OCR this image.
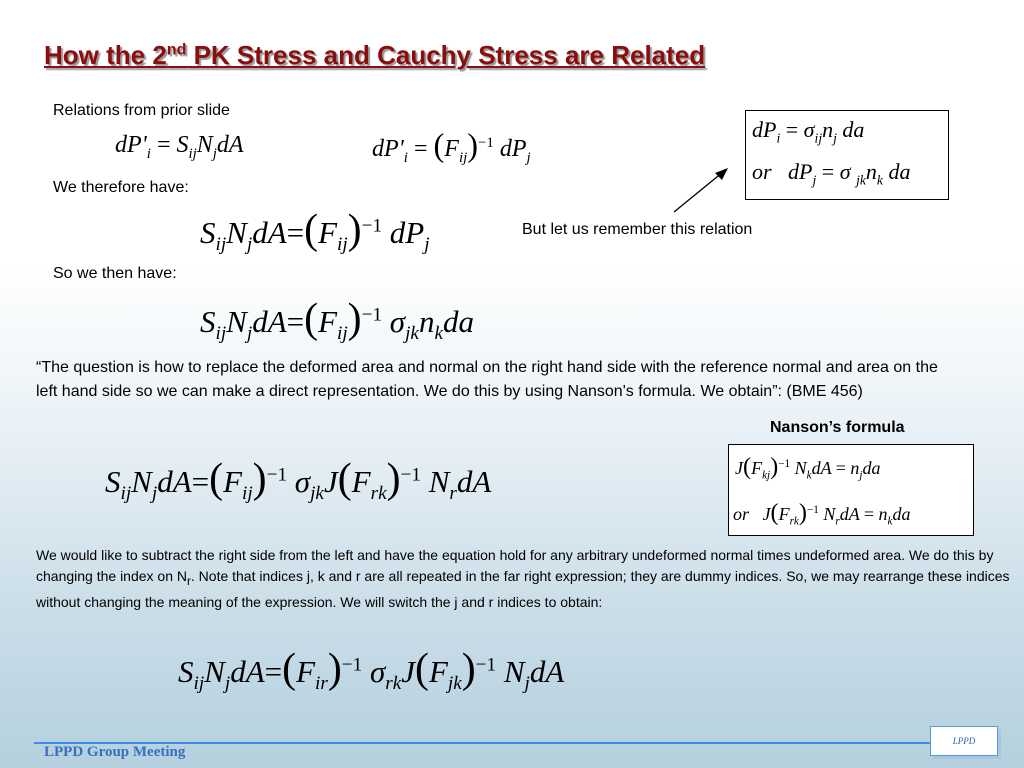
How the 2nd PK Stress and Cauchy Stress are Related
Relations from prior slide
$dP'_i = S_{ij}N_jdA$	$dP'_i = (F_{ij})^{-1}$ $dP_j$
$dP_i = \sigma_{ij}n_j$ da
or   $dP_j = \sigma$ $_{jk}n_k$ da
We therefore have:
$S_{ij}N_jdA=(F_{ij})^{-1}$ $dP_j$
But let us remember this relation
So we then have:
$S_{ij}N_jdA=(F_{ij})^{-1}$ $\sigma_{jk}n_kda$
“The question is how to replace the deformed area and normal on the right hand side with the reference normal and area on the left hand side so we can make a direct representation. We do this by using Nanson's formula. We obtain”: (BME 456)
Nanson’s formula
$J(F_{kj})^{-1}$ $N_kdA = n_jda$
or   $J(F_{rk})^{-1}$ $N_rdA = n_kda$
$S_{ij}N_jdA=(F_{ij})^{-1}$ $\sigma_{jk}J(F_{rk})^{-1}$ $N_rdA$
We would like to subtract the right side from the left and have the equation hold for any arbitrary undeformed normal times undeformed area. We do this by changing the index on $N_r$. Note that indices j, k and r are all repeated in the far right expression; they are dummy indices. So, we may rearrange these indices without changing the meaning of the expression. We will switch the j and r indices to obtain:
$S_{ij}N_jdA=(F_{ir})^{-1}$ $\sigma_{rk}J(F_{jk})^{-1}$ $N_jdA$
LPPD Group Meeting
LPPD
